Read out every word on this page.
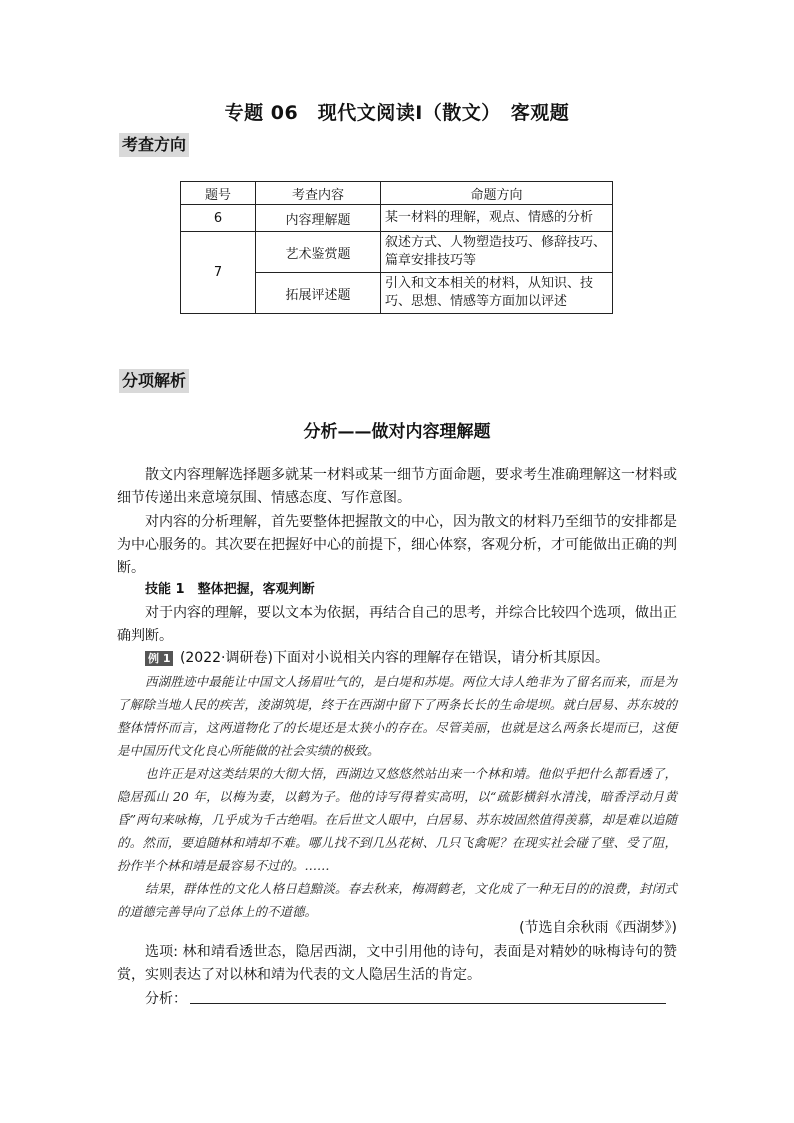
专题 06　现代文阅读Ⅰ（散文）　客观题
考查方向
题号	考查内容	命题方向
6	内容理解题	某一材料的理解，观点、情感的分析
7	艺术鉴赏题	叙述方式、人物塑造技巧、修辞技巧、篇章安排技巧等
	拓展评述题	引入和文本相关的材料，从知识、技巧、思想、情感等方面加以评述
分项解析
分析——做对内容理解题
散文内容理解选择题多就某一材料或某一细节方面命题，要求考生准确理解这一材料或细节传递出来意境氛围、情感态度、写作意图。
对内容的分析理解，首先要整体把握散文的中心，因为散文的材料乃至细节的安排都是为中心服务的。其次要在把握好中心的前提下，细心体察，客观分析，才可能做出正确的判断。
技能 1　整体把握，客观判断
对于内容的理解，要以文本为依据，再结合自己的思考，并综合比较四个选项，做出正确判断。
例 1 (2022·调研卷)下面对小说相关内容的理解存在错误，请分析其原因。
西湖胜迹中最能让中国文人扬眉吐气的，是白堤和苏堤。两位大诗人绝非为了留名而来，而是为了解除当地人民的疾苦，浚湖筑堤，终于在西湖中留下了两条长长的生命堤坝。就白居易、苏东坡的整体情怀而言，这两道物化了的长堤还是太狭小的存在。尽管美丽，也就是这么两条长堤而已，这便是中国历代文化良心所能做的社会实绩的极致。
也许正是对这类结果的大彻大悟，西湖边又悠悠然站出来一个林和靖。他似乎把什么都看透了，隐居孤山 20 年，以梅为妻，以鹤为子。他的诗写得着实高明，以“疏影横斜水清浅，暗香浮动月黄昏”两句来咏梅，几乎成为千古绝唱。在后世文人眼中，白居易、苏东坡固然值得羡慕，却是难以追随的。然而，要追随林和靖却不难。哪儿找不到几丛花树、几只飞禽呢？在现实社会碰了壁、受了阻，扮作半个林和靖是最容易不过的。……
结果，群体性的文化人格日趋黯淡。春去秋来，梅凋鹤老，文化成了一种无目的的浪费，封闭式的道德完善导向了总体上的不道德。
(节选自余秋雨《西湖梦》)
选项: 林和靖看透世态，隐居西湖，文中引用他的诗句，表面是对精妙的咏梅诗句的赞赏，实则表达了对以林和靖为代表的文人隐居生活的肯定。
分析：
